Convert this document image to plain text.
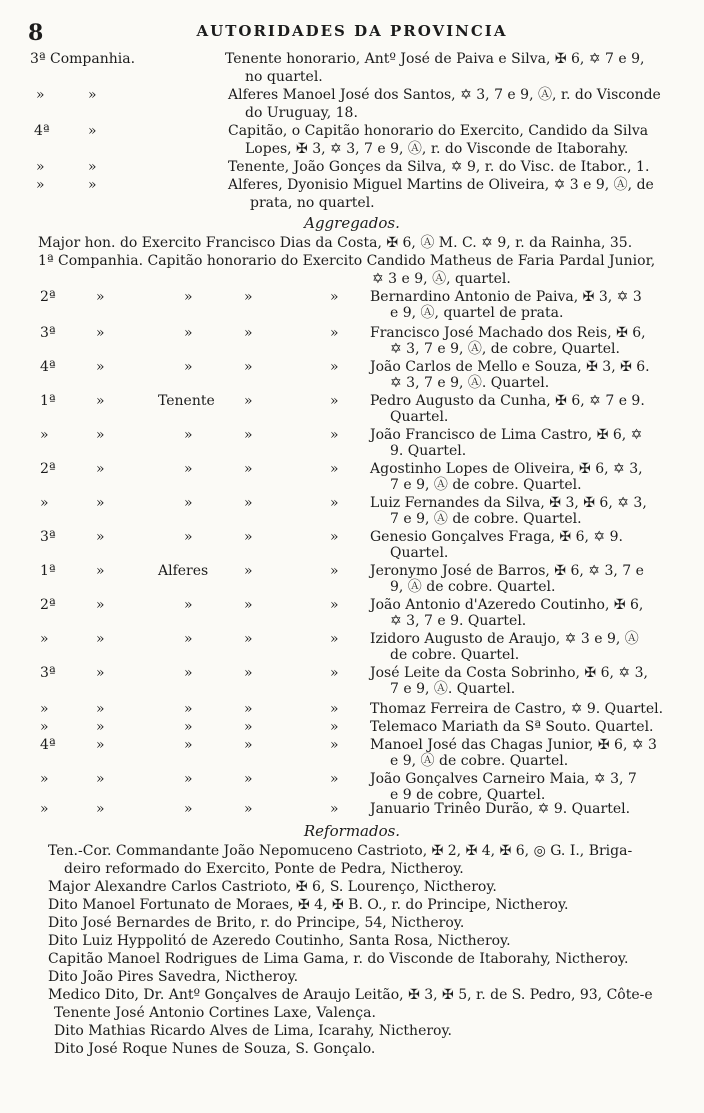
8	AUTORIDADES DA PROVINCIA
3ª Companhia.	Tenente honorario, Antº José de Paiva e Silva, ✠ 6, ✡ 7 e 9,
no quartel.
»	»	Alferes Manoel José dos Santos, ✡ 3, 7 e 9, Ⓐ, r. do Visconde
do Uruguay, 18.
4ª	»	Capitão, o Capitão honorario do Exercito, Candido da Silva
Lopes, ✠ 3, ✡ 3, 7 e 9, Ⓐ, r. do Visconde de Itaborahy.
»	»	Tenente, João Gonçes da Silva, ✡ 9, r. do Visc. de Itabor., 1.
»	»	Alferes, Dyonisio Miguel Martins de Oliveira, ✡ 3 e 9, Ⓐ, de
prata, no quartel.
Aggregados.
Major hon. do Exercito Francisco Dias da Costa, ✠ 6, Ⓐ M. C. ✡ 9, r. da Rainha, 35.
1ª Companhia. Capitão honorario do Exercito Candido Matheus de Faria Pardal Junior,
✡ 3 e 9, Ⓐ, quartel.
2ª	»	»	»	» Bernardino Antonio de Paiva, ✠ 3, ✡ 3
e 9, Ⓐ, quartel de prata.
3ª	»	»	»	» Francisco José Machado dos Reis, ✠ 6,
✡ 3, 7 e 9, Ⓐ, de cobre, Quartel.
4ª	»	»	»	» João Carlos de Mello e Souza, ✠ 3, ✠ 6.
✡ 3, 7 e 9, Ⓐ. Quartel.
1ª	»	Tenente »	» Pedro Augusto da Cunha, ✠ 6, ✡ 7 e 9.
Quartel.
»	»	»	»	» João Francisco de Lima Castro, ✠ 6, ✡
9. Quartel.
2ª	»	»	»	» Agostinho Lopes de Oliveira, ✠ 6, ✡ 3,
7 e 9, Ⓐ de cobre. Quartel.
»	»	»	»	» Luiz Fernandes da Silva, ✠ 3, ✠ 6, ✡ 3,
7 e 9, Ⓐ de cobre. Quartel.
3ª	»	»	»	» Genesio Gonçalves Fraga, ✠ 6, ✡ 9.
Quartel.
1ª	»	Alferes	»	» Jeronymo José de Barros, ✠ 6, ✡ 3, 7 e
9, Ⓐ de cobre. Quartel.
2ª	»	»	»	» João Antonio d'Azeredo Coutinho, ✠ 6,
✡ 3, 7 e 9. Quartel.
»	»	»	»	» Izidoro Augusto de Araujo, ✡ 3 e 9, Ⓐ
de cobre. Quartel.
3ª	»	»	»	» José Leite da Costa Sobrinho, ✠ 6, ✡ 3,
7 e 9, Ⓐ. Quartel.
»	»	»	»	» Thomaz Ferreira de Castro, ✡ 9. Quartel.
»	»	»	»	» Telemaco Mariath da Sª Souto. Quartel.
4ª	»	»	»	» Manoel José das Chagas Junior, ✠ 6, ✡ 3
e 9, Ⓐ de cobre. Quartel.
»	»	»	»	» João Gonçalves Carneiro Maia, ✡ 3, 7
e 9 de cobre, Quartel.
»	»	»	»	» Januario Trinêo Durão, ✡ 9. Quartel.
Reformados.
Ten.-Cor. Commandante João Nepomuceno Castrioto, ✠ 2, ✠ 4, ✠ 6, ◎ G. I., Briga-
deiro reformado do Exercito, Ponte de Pedra, Nictheroy.
Major Alexandre Carlos Castrioto, ✠ 6, S. Lourenço, Nictheroy.
Dito Manoel Fortunato de Moraes, ✠ 4, ✠ B. O., r. do Principe, Nictheroy.
Dito José Bernardes de Brito, r. do Principe, 54, Nictheroy.
Dito Luiz Hyppolitó de Azeredo Coutinho, Santa Rosa, Nictheroy.
Capitão Manoel Rodrigues de Lima Gama, r. do Visconde de Itaborahy, Nictheroy.
Dito João Pires Savedra, Nictheroy.
Medico Dito, Dr. Antº Gonçalves de Araujo Leitão, ✠ 3, ✠ 5, r. de S. Pedro, 93, Côte-e
Tenente José Antonio Cortines Laxe, Valença.
Dito Mathias Ricardo Alves de Lima, Icarahy, Nictheroy.
Dito José Roque Nunes de Souza, S. Gonçalo.
